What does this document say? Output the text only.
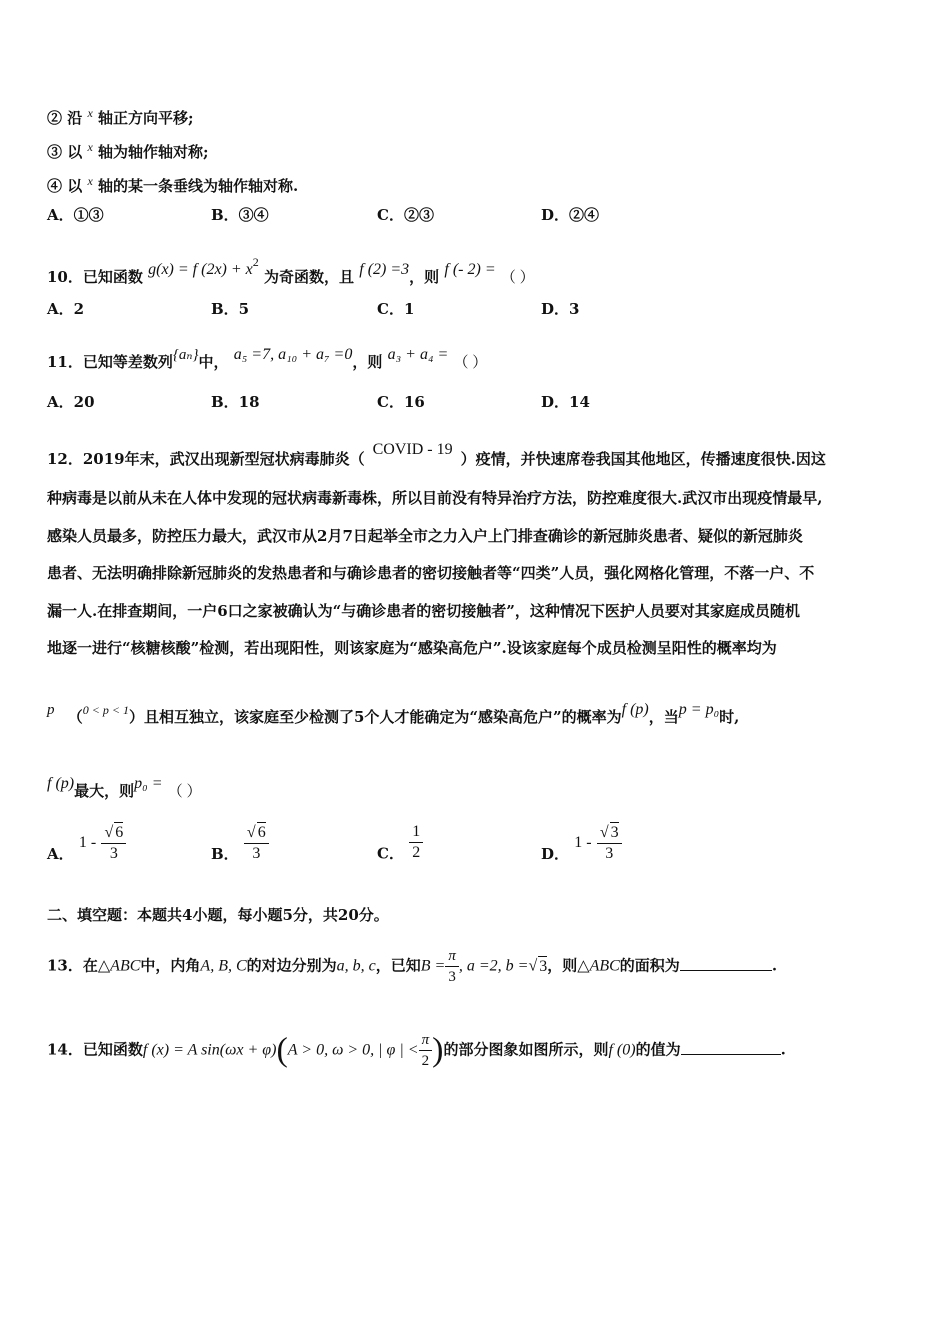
② 沿 $^x$ 轴正方向平移;
③ 以 $^x$ 轴为轴作轴对称;
④ 以 $^x$ 轴的某一条垂线为轴作轴对称.
A．①③	B．③④	C．②③	D．②④
10．已知函数 g(x) = f $(2x) + x^2$ 为奇函数，且 f (2) =3，则 f (- 2) = （ ）
A．2	B．5	C．1	D．3
11．已知等差数列{aₙ}中， a₅ =7, a₁₀ + a₇ =0，则 a₃ + a₄ = （ ）
A．20	B．18	C．16	D．14
12．2019年末，武汉出现新型冠状病毒肺炎（COVID - 19）疫情，并快速席卷我国其他地区，传播速度很快.因这
种病毒是以前从未在人体中发现的冠状病毒新毒株，所以目前没有特异治疗方法，防控难度很大.武汉市出现疫情最早,
感染人员最多，防控压力最大，武汉市从2月7日起举全市之力入户上门排查确诊的新冠肺炎患者、疑似的新冠肺炎
患者、无法明确排除新冠肺炎的发热患者和与确诊患者的密切接触者等“四类”人员，强化网格化管理，不落一户、不
漏一人.在排查期间，一户6口之家被确认为“与确诊患者的密切接触者”，这种情况下医护人员要对其家庭成员随机
地逐一进行“核糖核酸”检测，若出现阳性，则该家庭为“感染高危户”.设该家庭每个成员检测呈阳性的概率均为
p （$^{0 < p < 1}$）且相互独立，该家庭至少检测了5个人才能确定为“感染高危户”的概率为f (p)，当p = p₀时,
f (p)最大，则p₀ = （ ）
A． $1 - \frac{√ 6}{3}$	B． $\frac{√ 6}{3}$	C． $\frac{1}{2}$	D． $1 - \frac{√ 3}{3}$
二、填空题：本题共4小题，每小题5分，共20分。
13．在△ABC中，内角A, B, C的对边分别为a, b, c，已知$B = \frac{\pi}{3}$ , a =2, b =√ 3，则△ABC的面积为	.
14．已知函数f (x) = A sin(ωx + φ)(A > 0, ω > 0, | φ | < $\frac{\pi}{2}$ )的部分图象如图所示，则f (0)的值为	.
